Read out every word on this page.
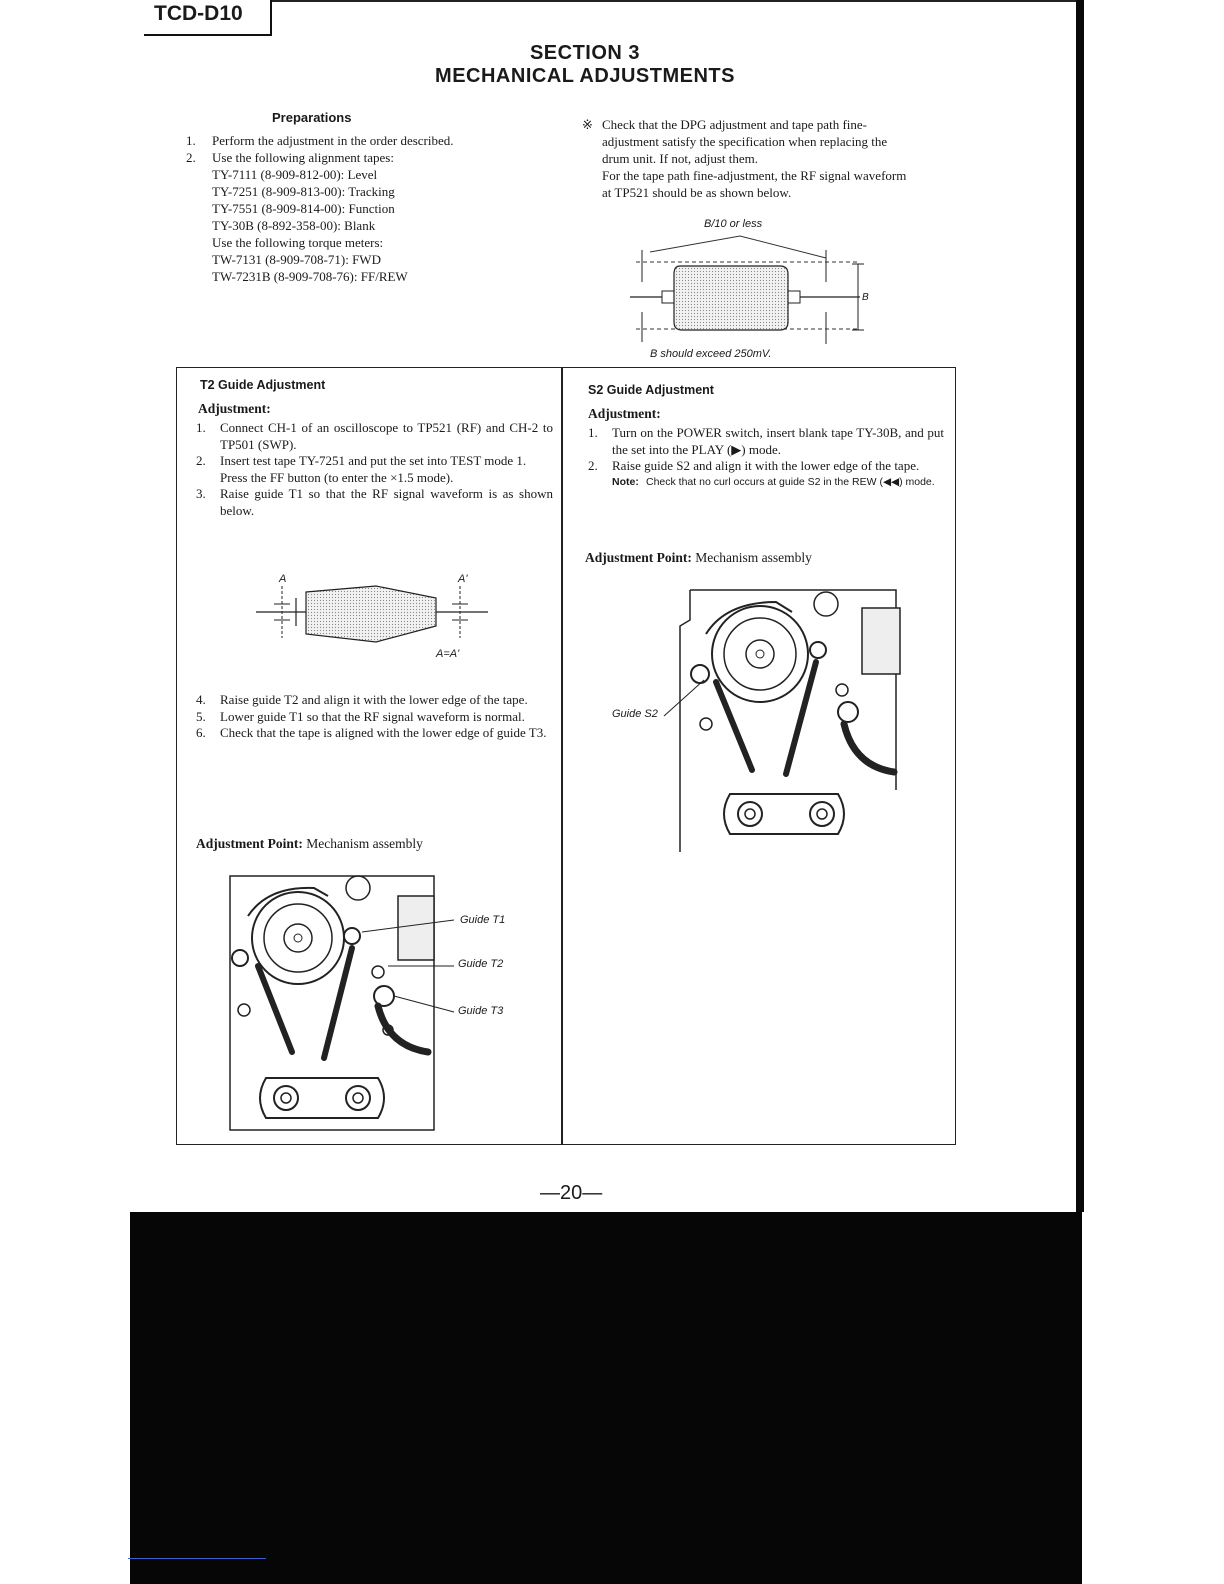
TCD-D10
SECTION 3
MECHANICAL ADJUSTMENTS
Preparations
1.	Perform the adjustment in the order described.
2.	Use the following alignment tapes:
TY-7111 (8-909-812-00): Level
TY-7251 (8-909-813-00): Tracking
TY-7551 (8-909-814-00): Function
TY-30B (8-892-358-00): Blank
Use the following torque meters:
TW-7131 (8-909-708-71): FWD
TW-7231B (8-909-708-76): FF/REW
※ Check that the DPG adjustment and tape path fine-adjustment satisfy the specification when replacing the drum unit. If not, adjust them.
For the tape path fine-adjustment, the RF signal waveform at TP521 should be as shown below.
B/10 or less
B
B should exceed 250mV.
T2 Guide Adjustment
Adjustment:
1.	Connect CH-1 of an oscilloscope to TP521 (RF) and CH-2 to TP501 (SWP).
2.	Insert test tape TY-7251 and put the set into TEST mode 1.
Press the FF button (to enter the ×1.5 mode).
3.	Raise guide T1 so that the RF signal waveform is as shown below.
A	A'
A=A'
4.	Raise guide T2 and align it with the lower edge of the tape.
5.	Lower guide T1 so that the RF signal waveform is normal.
6.	Check that the tape is aligned with the lower edge of guide T3.
Adjustment Point: Mechanism assembly
Guide T1
Guide T2
Guide T3
S2 Guide Adjustment
Adjustment:
1.	Turn on the POWER switch, insert blank tape TY-30B, and put the set into the PLAY (▶) mode.
2.	Raise guide S2 and align it with the lower edge of the tape.
Note: Check that no curl occurs at guide S2 in the REW (◀◀) mode.
Adjustment Point: Mechanism assembly
Guide S2
—20—
